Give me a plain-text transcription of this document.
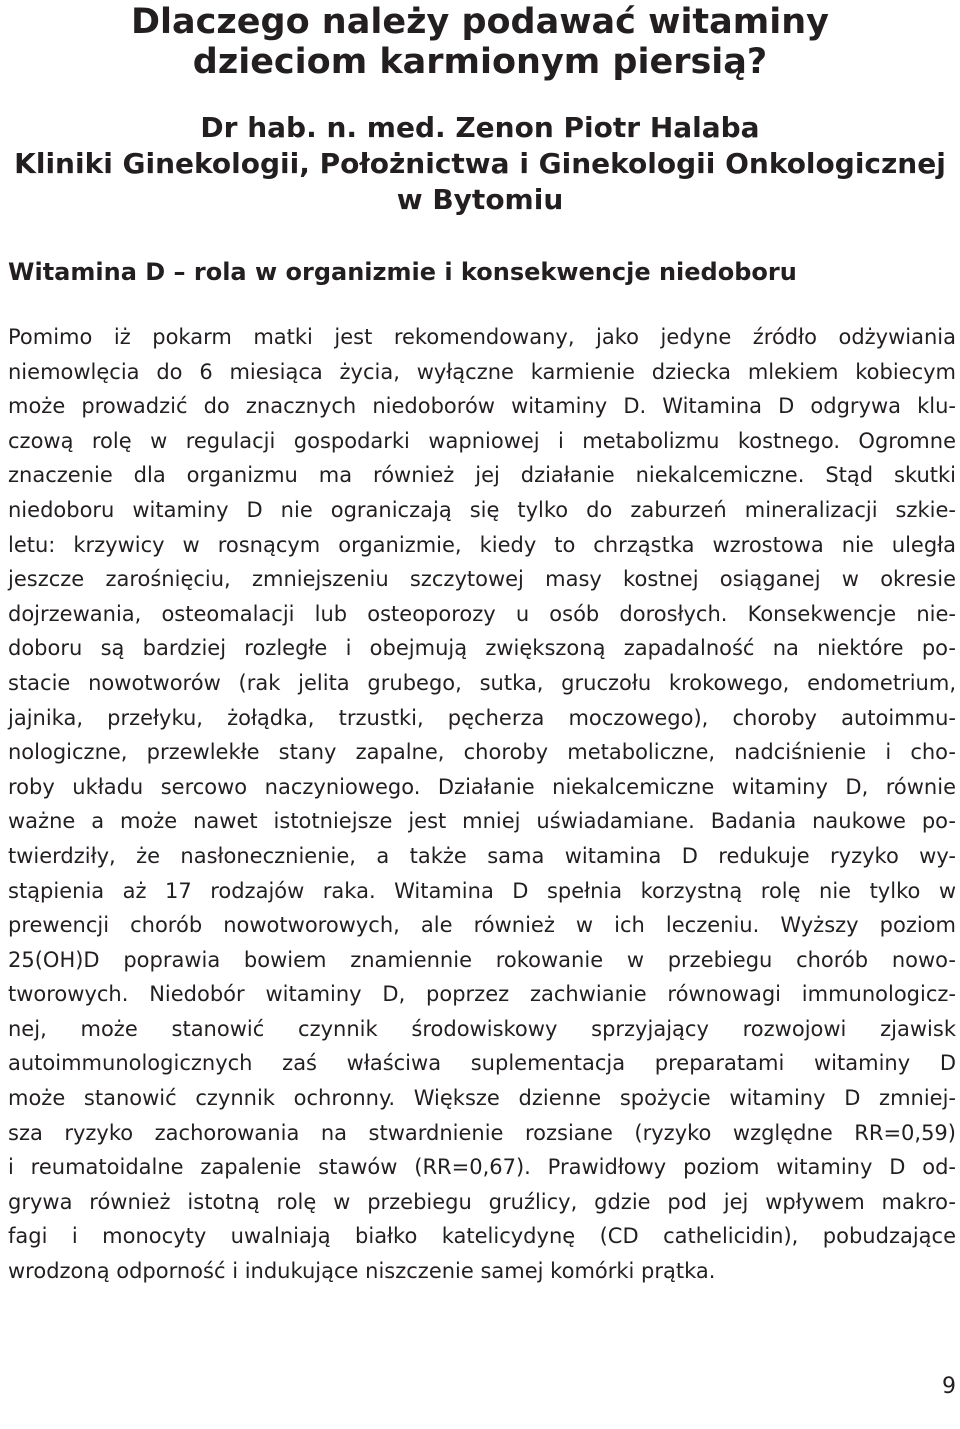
Dlaczego należy podawać witaminy
dzieciom karmionym piersią?
Dr hab. n. med. Zenon Piotr Halaba
Kliniki Ginekologii, Położnictwa i Ginekologii Onkologicznej
w Bytomiu
Witamina D – rola w organizmie i konsekwencje niedoboru
Pomimo iż pokarm matki jest rekomendowany, jako jedyne źródło odżywiania
niemowlęcia do 6 miesiąca życia, wyłączne karmienie dziecka mlekiem kobiecym
może prowadzić do znacznych niedoborów witaminy D. Witamina D odgrywa klu-
czową rolę w regulacji gospodarki wapniowej i metabolizmu kostnego. Ogromne
znaczenie dla organizmu ma również jej działanie niekalcemiczne. Stąd skutki
niedoboru witaminy D nie ograniczają się tylko do zaburzeń mineralizacji szkie-
letu: krzywicy w rosnącym organizmie, kiedy to chrząstka wzrostowa nie uległa
jeszcze zarośnięciu, zmniejszeniu szczytowej masy kostnej osiąganej w okresie
dojrzewania, osteomalacji lub osteoporozy u osób dorosłych. Konsekwencje nie-
doboru są bardziej rozległe i obejmują zwiększoną zapadalność na niektóre po-
stacie nowotworów (rak jelita grubego, sutka, gruczołu krokowego, endometrium,
jajnika, przełyku, żołądka, trzustki, pęcherza moczowego), choroby autoimmu-
nologiczne, przewlekłe stany zapalne, choroby metaboliczne, nadciśnienie i cho-
roby układu sercowo naczyniowego. Działanie niekalcemiczne witaminy D, równie
ważne a może nawet istotniejsze jest mniej uświadamiane. Badania naukowe po-
twierdziły, że nasłonecznienie, a także sama witamina D redukuje ryzyko wy-
stąpienia aż 17 rodzajów raka. Witamina D spełnia korzystną rolę nie tylko w
prewencji chorób nowotworowych, ale również w ich leczeniu. Wyższy poziom
25(OH)D poprawia bowiem znamiennie rokowanie w przebiegu chorób nowo-
tworowych. Niedobór witaminy D, poprzez zachwianie równowagi immunologicz-
nej, może stanowić czynnik środowiskowy sprzyjający rozwojowi zjawisk
autoimmunologicznych zaś właściwa suplementacja preparatami witaminy D
może stanowić czynnik ochronny. Większe dzienne spożycie witaminy D zmniej-
sza ryzyko zachorowania na stwardnienie rozsiane (ryzyko względne RR=0,59)
i reumatoidalne zapalenie stawów (RR=0,67). Prawidłowy poziom witaminy D od-
grywa również istotną rolę w przebiegu gruźlicy, gdzie pod jej wpływem makro-
fagi i monocyty uwalniają białko katelicydynę (CD cathelicidin), pobudzające
wrodzoną odporność i indukujące niszczenie samej komórki prątka.
9
